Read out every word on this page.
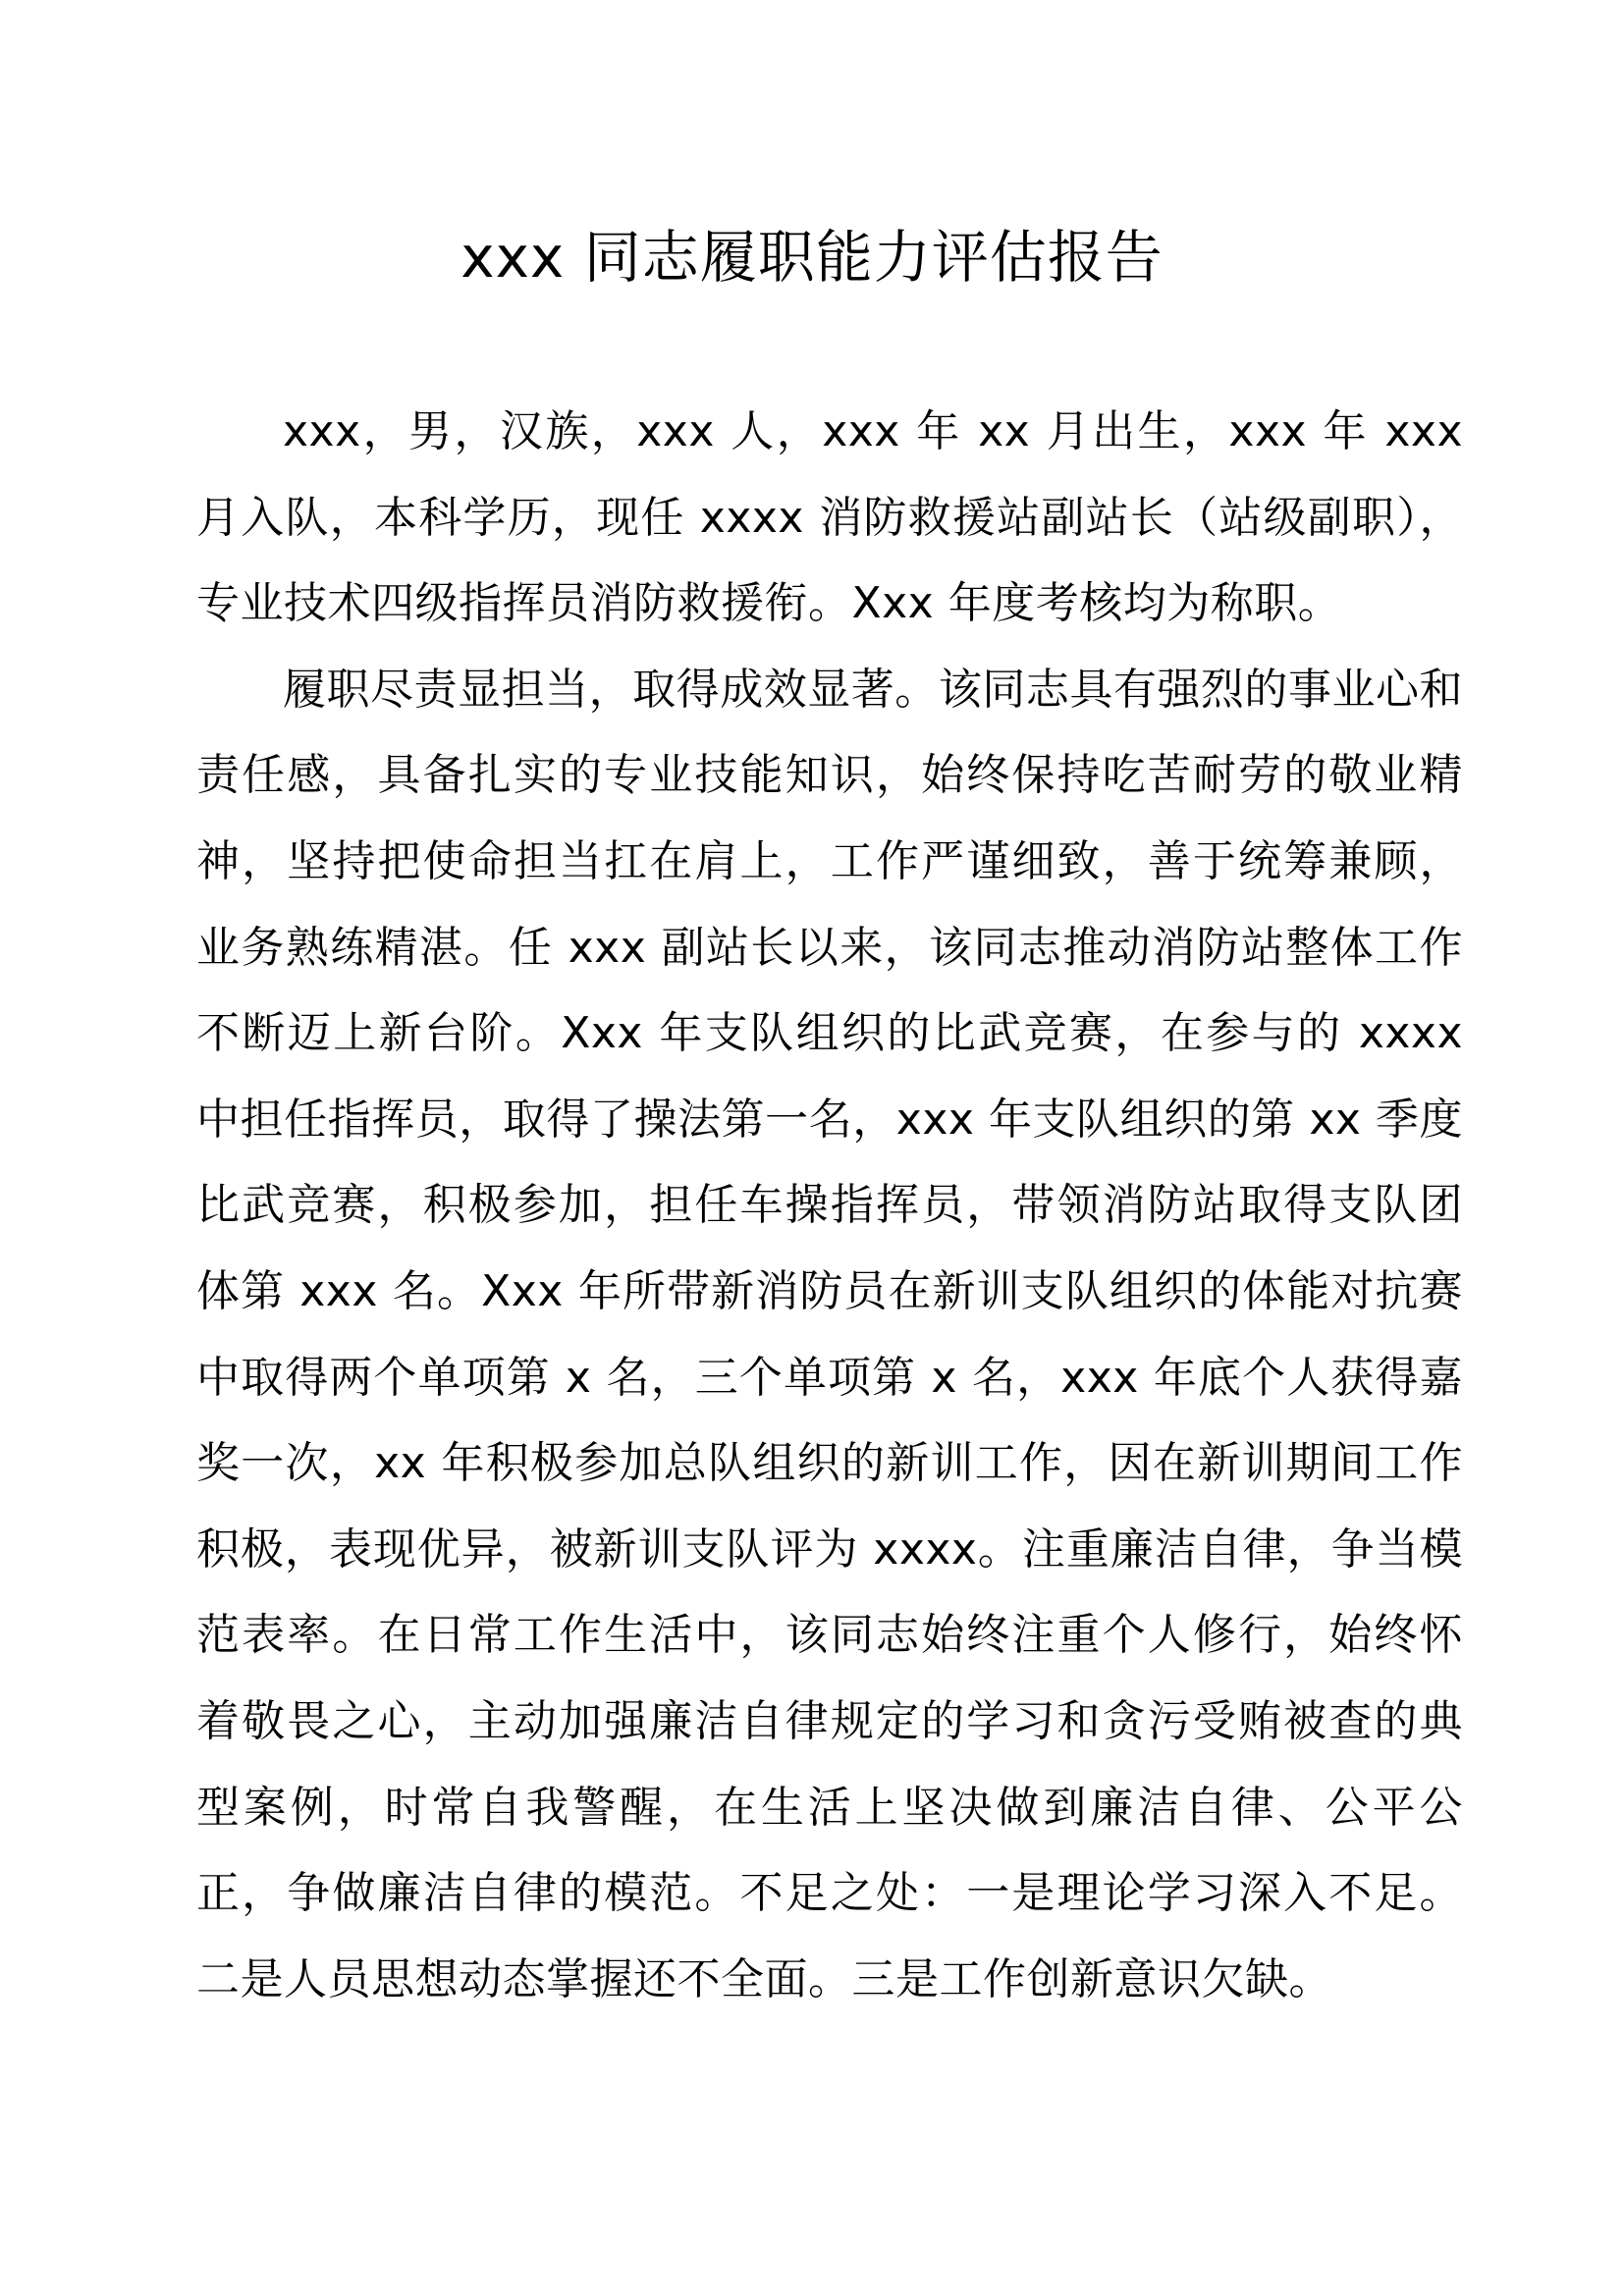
xxx 同志履职能力评估报告

xxx，男，汉族，xxx 人，xxx 年 xx 月出生，xxx 年 xxx 月入队，本科学历，现任 xxxx 消防救援站副站长（站级副职），专业技术四级指挥员消防救援衔。Xxx 年度考核均为称职。

履职尽责显担当，取得成效显著。该同志具有强烈的事业心和责任感，具备扎实的专业技能知识，始终保持吃苦耐劳的敬业精神，坚持把使命担当扛在肩上，工作严谨细致，善于统筹兼顾，业务熟练精湛。任 xxx 副站长以来，该同志推动消防站整体工作不断迈上新台阶。Xxx 年支队组织的比武竞赛，在参与的 xxxx 中担任指挥员，取得了操法第一名，xxx 年支队组织的第 xx 季度比武竞赛，积极参加，担任车操指挥员，带领消防站取得支队团体第 xxx 名。Xxx 年所带新消防员在新训支队组织的体能对抗赛中取得两个单项第 x 名，三个单项第 x 名，xxx 年底个人获得嘉奖一次，xx 年积极参加总队组织的新训工作，因在新训期间工作积极，表现优异，被新训支队评为 xxxx。注重廉洁自律，争当模范表率。在日常工作生活中，该同志始终注重个人修行，始终怀着敬畏之心，主动加强廉洁自律规定的学习和贪污受贿被查的典型案例，时常自我警醒，在生活上坚决做到廉洁自律、公平公正，争做廉洁自律的模范。不足之处：一是理论学习深入不足。二是人员思想动态掌握还不全面。三是工作创新意识欠缺。
